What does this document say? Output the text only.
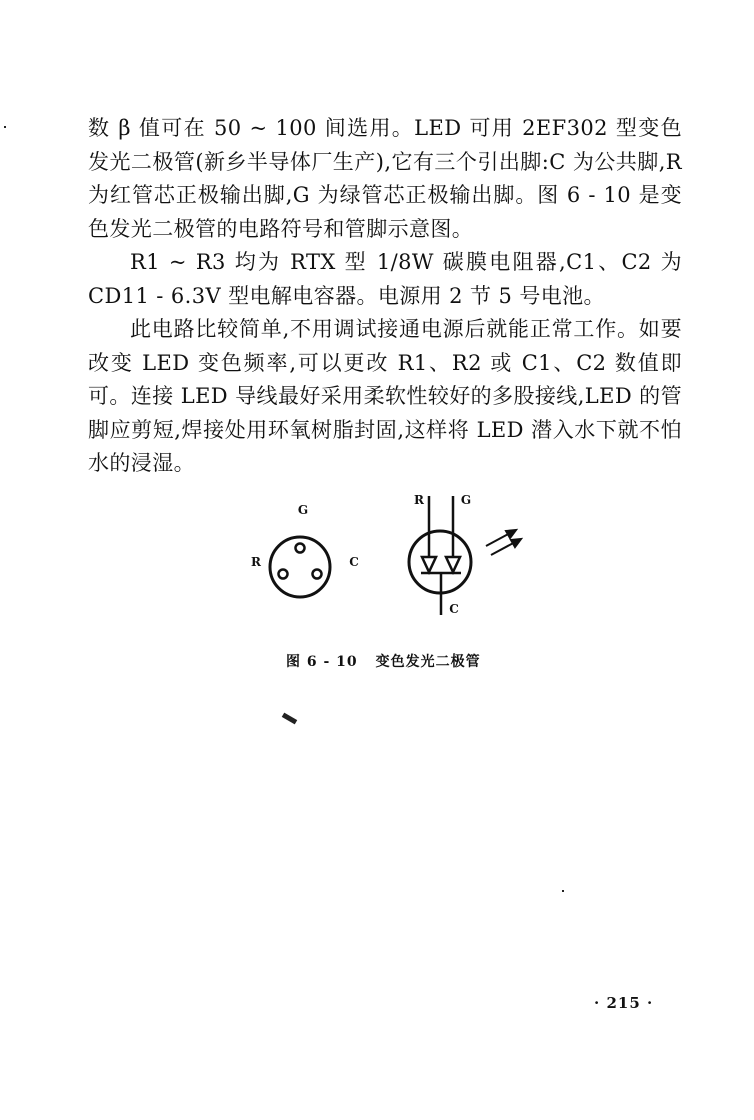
数 β 值可在 50 ~ 100 间选用。LED 可用 2EF302 型变色发光二极管(新乡半导体厂生产),它有三个引出脚:C 为公共脚,R 为红管芯正极输出脚,G 为绿管芯正极输出脚。图 6 - 10 是变色发光二极管的电路符号和管脚示意图。

R1 ~ R3 均为 RTX 型 1/8W 碳膜电阻器,C1、C2 为 CD11 - 6.3V 型电解电容器。电源用 2 节 5 号电池。

此电路比较简单,不用调试接通电源后就能正常工作。如要改变 LED 变色频率,可以更改 R1、R2 或 C1、C2 数值即可。连接 LED 导线最好采用柔软性较好的多股接线,LED 的管脚应剪短,焊接处用环氧树脂封固,这样将 LED 潜入水下就不怕水的浸湿。

G
R	C
R	G
C
图 6 - 10 变色发光二极管
· 215 ·
